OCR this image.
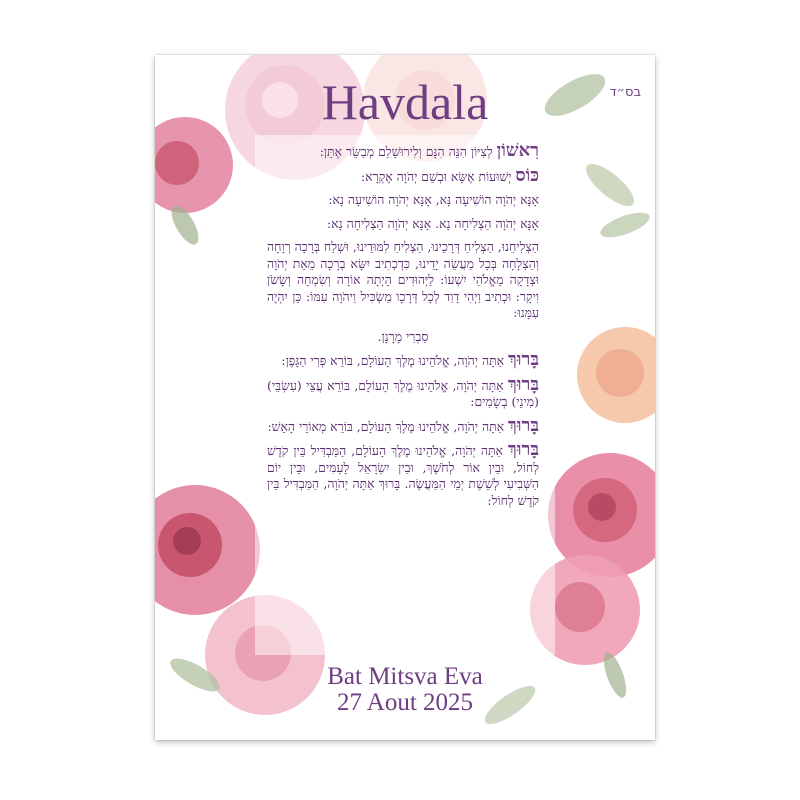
Havdala	בס״ד

רִאשׁוֹן לְצִיּוֹן הִנֵּה הִנָּם וְלִירוּשָׁלַם מְבַשֵּׂר אֶתֵּן:

כּוֹס יְשׁוּעוֹת אֶשָּׂא וּבְשֵׁם יְהֹוָה אֶקְרָא:

אָנָּא יְהֹוָה הוֹשִׁיעָה נָּא, אָנָּא יְהֹוָה הוֹשִׁיעָה נָא:

אָנָּא יְהֹוָה הַצְלִיחָה נָא. אָנָּא יְהֹוָה הַצְלִיחָה נָא:

הַצְלִיחֵנוּ, הַצְלִיחַ דְּרָכֵינוּ, הַצְלִיחַ לִמּוּדֵינוּ, וּשְׁלַח בְּרָכָה רְוָחָה וְהַצְלָחָה בְּכָל מַעֲשֵׂה יָדֵינוּ, כִּדְכְתִיב יִשָּׂא בְרָכָה מֵאֵת יְהֹוָה וּצְדָקָה מֵאֱלֹהֵי יִשְׁעוֹ: לַיְּהוּדִים הָיְתָה אוֹרָה וְשִׂמְחָה וְשָׂשֹׂן וִיקָר: וּכְתִיב וַיְהִי דָוִד לְכָל דְּרָכָו מַשְׂכִּיל וַיהֹוָה עִמּוֹ: כֵּן יִהְיֶה עִמָּנוּ:

סַבְרִי מָרָנָן.

בָּרוּךְ אַתָּה יְהֹוָה, אֱלֹהֵינוּ מֶלֶךְ הָעוֹלָם, בּוֹרֵא פְּרִי הַגָּפֶן:

בָּרוּךְ אַתָּה יְהֹוָה, אֱלֹהֵינוּ מֶלֶךְ הָעוֹלָם, בּוֹרֵא עֲצֵי (עִשְׂבֵּי) (מִינֵי) בְשָׂמִים:

בָּרוּךְ אַתָּה יְהֹוָה, אֱלֹהֵינוּ מֶלֶךְ הָעוֹלָם, בּוֹרֵא מְאוֹרֵי הָאֵשׁ:

בָּרוּךְ אַתָּה יְהֹוָה, אֱלֹהֵינוּ מֶלֶךְ הָעוֹלָם, הַמַּבְדִּיל בֵּין קֹדֶשׁ לְחוֹל, וּבֵין אוֹר לְחֹשֶׁךְ, וּבֵין יִשְׂרָאֵל לָעַמִּים, וּבֵין יוֹם הַשְּׁבִיעִי לְשֵׁשֶׁת יְמֵי הַמַּעֲשֶׂה. בָּרוּךְ אַתָּה יְהֹוָה, הַמַּבְדִּיל בֵּין קֹדֶשׁ לְחוֹל:

Bat Mitsva Eva
27 Aout 2025
